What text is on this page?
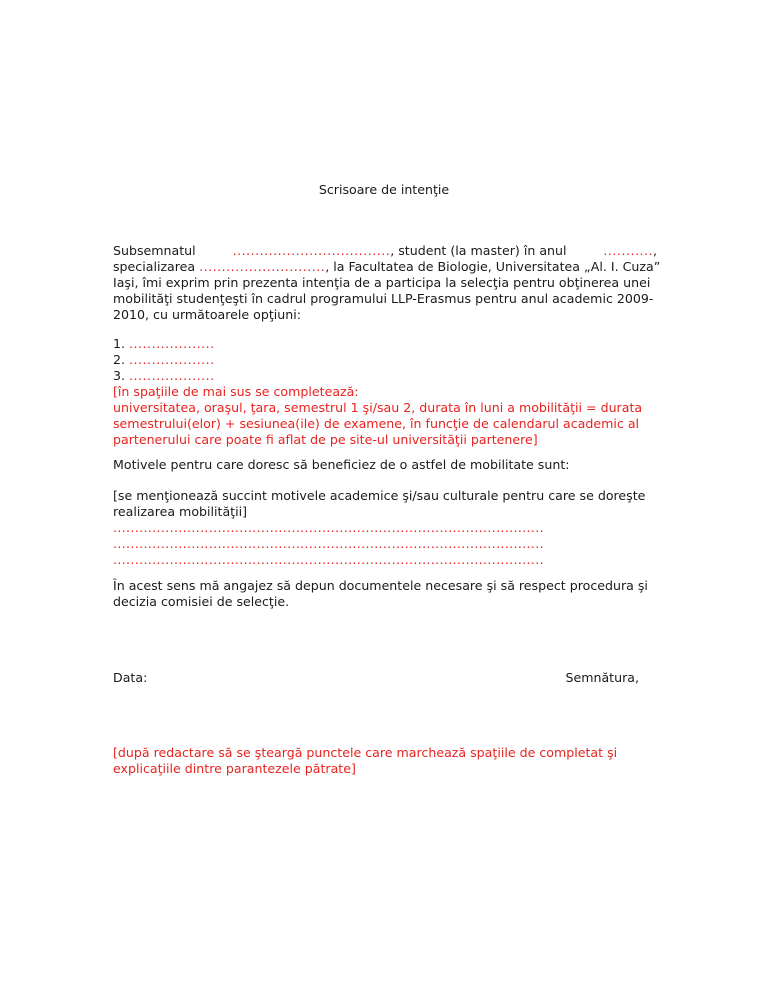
Scrisoare de intenţie
Subsemnatul	..................................., student (la master) în anul	...........,
specializarea ............................ , la Facultatea de Biologie, Universitatea „Al. I. Cuza”
Iaşi, îmi exprim prin prezenta intenţia de a participa la selecţia pentru obţinerea unei
mobilităţi studenţeşti în cadrul programului LLP-Erasmus pentru anul academic 2009-
2010, cu următoarele opţiuni:
1. ...................
2. ...................
3. ...................
[în spaţiile de mai sus se completează:
universitatea, oraşul, ţara, semestrul 1 şi/sau 2, durata în luni a mobilităţii = durata
semestrului(elor) + sesiunea(ile) de examene, în funcţie de calendarul academic al
partenerului care poate fi aflat de pe site-ul universităţii partenere]
Motivele pentru care doresc să beneficiez de o astfel de mobilitate sunt:
[se menţionează succint motivele academice şi/sau culturale pentru care se doreşte
realizarea mobilităţii]
...................................................................................................
...................................................................................................
...................................................................................................
În acest sens mă angajez să depun documentele necesare şi să respect procedura şi
decizia comisiei de selecţie.
Data:	Semnătura,
[după redactare să se şteargă punctele care marchează spaţiile de completat şi
explicaţiile dintre parantezele pătrate]
